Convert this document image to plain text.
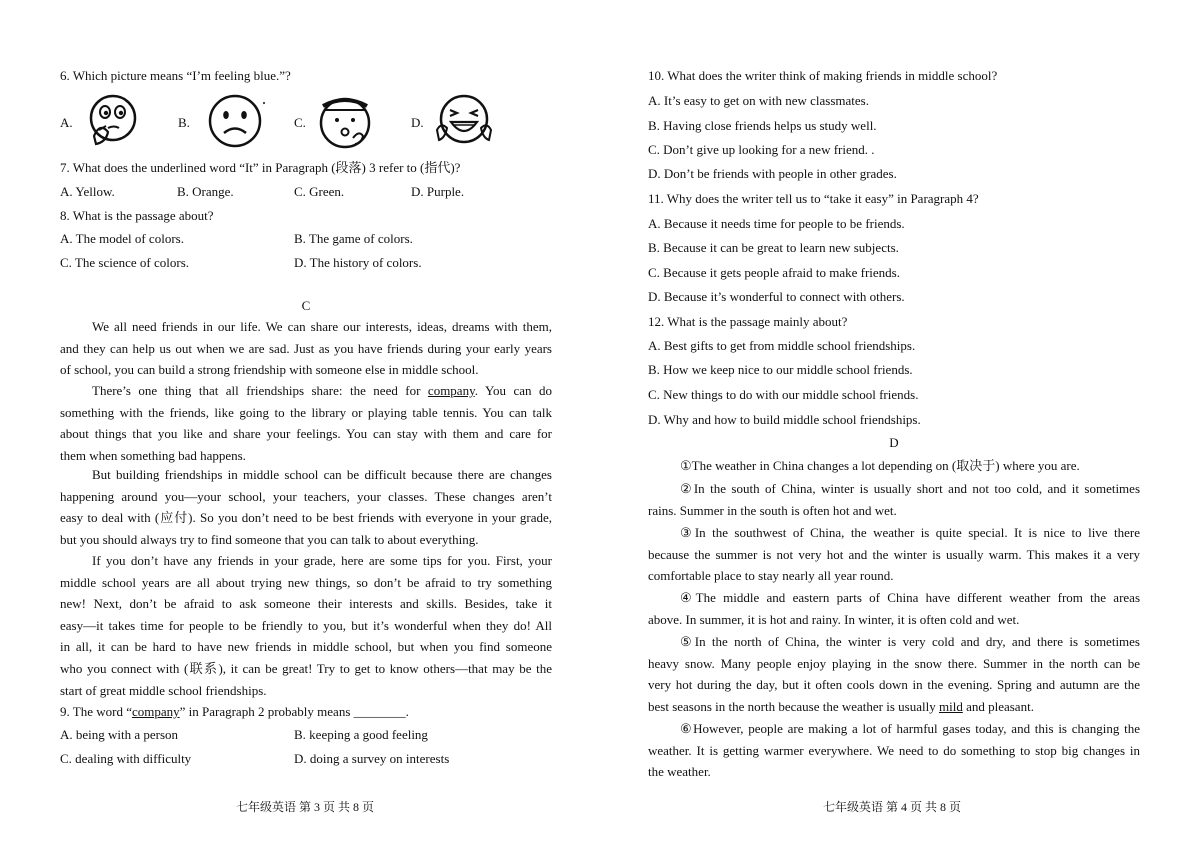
6. Which picture means “I’m feeling blue.”?
A.	B.	C.	D.
7. What does the underlined word “It” in Paragraph (段落) 3 refer to (指代)?
A. Yellow.	B. Orange.	C. Green.	D. Purple.
8. What is the passage about?
A. The model of colors.	B. The game of colors.
C. The science of colors.	D. The history of colors.
C
We all need friends in our life. We can share our interests, ideas, dreams with them,
and they can help us out when we are sad. Just as you have friends during your early years
of school, you can build a strong friendship with someone else in middle school.
There’s one thing that all friendships share: the need for company. You can do
something with the friends, like going to the library or playing table tennis. You can talk
about things that you like and share your feelings. You can stay with them and care for
them when something bad happens.
But building friendships in middle school can be difficult because there are changes
happening around you—your school, your teachers, your classes. These changes aren’t
easy to deal with (应付). So you don’t need to be best friends with everyone in your grade,
but you should always try to find someone that you can talk to about everything.
If you don’t have any friends in your grade, here are some tips for you. First, your
middle school years are all about trying new things, so don’t be afraid to try something
new! Next, don’t be afraid to ask someone their interests and skills. Besides, take it
easy—it takes time for people to be friendly to you, but it’s wonderful when they do! All
in all, it can be hard to have new friends in middle school, but when you find someone
who you connect with (联系), it can be great! Try to get to know others—that may be the
start of great middle school friendships.
9. The word “company” in Paragraph 2 probably means ________.
A. being with a person	B. keeping a good feeling
C. dealing with difficulty	D. doing a survey on interests
七年级英语 第 3 页 共 8 页
10. What does the writer think of making friends in middle school?
A. It’s easy to get on with new classmates.
B. Having close friends helps us study well.
C. Don’t give up looking for a new friend. .
D. Don’t be friends with people in other grades.
11. Why does the writer tell us to “take it easy” in Paragraph 4?
A. Because it needs time for people to be friends.
B. Because it can be great to learn new subjects.
C. Because it gets people afraid to make friends.
D. Because it’s wonderful to connect with others.
12. What is the passage mainly about?
A. Best gifts to get from middle school friendships.
B. How we keep nice to our middle school friends.
C. New things to do with our middle school friends.
D. Why and how to build middle school friendships.
D
①The weather in China changes a lot depending on (取决于) where you are.
②In the south of China, winter is usually short and not too cold, and it sometimes
rains. Summer in the south is often hot and wet.
③In the southwest of China, the weather is quite special. It is nice to live there
because the summer is not very hot and the winter is usually warm. This makes it a very
comfortable place to stay nearly all year round.
④The middle and eastern parts of China have different weather from the areas
above. In summer, it is hot and rainy. In winter, it is often cold and wet.
⑤In the north of China, the winter is very cold and dry, and there is sometimes
heavy snow. Many people enjoy playing in the snow there. Summer in the north can be
very hot during the day, but it often cools down in the evening. Spring and autumn are the
best seasons in the north because the weather is usually mild and pleasant.
⑥However, people are making a lot of harmful gases today, and this is changing the
weather. It is getting warmer everywhere. We need to do something to stop big changes in
the weather.
七年级英语 第 4 页 共 8 页
